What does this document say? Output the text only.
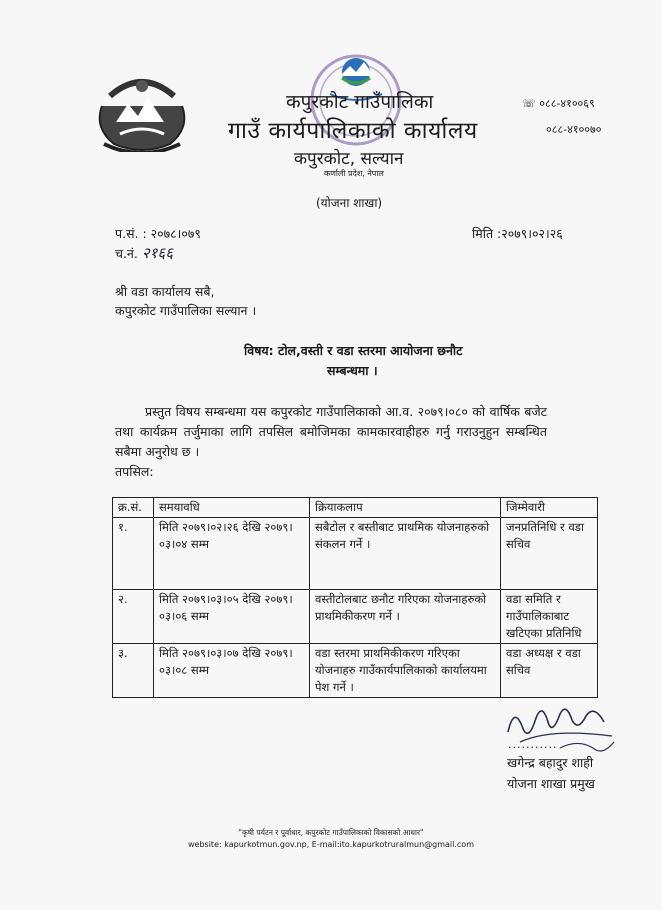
कपुरकोट गाउँपालिका
गाउँ कार्यपालिकाको कार्यालय
कपुरकोट, सल्यान
कर्णाली प्रदेश, नेपाल
☏ ०८८-४१००६९
०८८-४१००७०
(योजना शाखा)
प.सं. : २०७८।०७९	मिति :२०७९।०२।२६
च.नं. २१६६
श्री वडा कार्यालय सबै,
कपुरकोट गाउँपालिका सल्यान ।
विषय: टोल,वस्ती र वडा स्तरमा आयोजना छनौट
सम्बन्धमा ।
प्रस्तुत विषय सम्बन्धमा यस कपुरकोट गाउँपालिकाको आ.व. २०७९।०८० को वार्षिक बजेट तथा कार्यक्रम तर्जुमाका लागि तपसिल बमोजिमका कामकारवाहीहरु गर्नु गराउनुहुन सम्बन्धित सबैमा अनुरोध छ ।
तपसिल:
क्र.सं.	समयावधि	क्रियाकलाप	जिम्मेवारी
१.	मिति २०७९।०२।२६ देखि २०७९।०३।०४ सम्म	सबैटोल र बस्तीबाट प्राथमिक योजनाहरुको संकलन गर्ने ।	जनप्रतिनिधि र वडा सचिव
२.	मिति २०७९।०३।०५ देखि २०७९।०३।०६ सम्म	वस्तीटोलबाट छनौट गरिएका योजनाहरुको प्राथमिकीकरण गर्ने ।	वडा समिति र गाउँपालिकाबाट खटिएका प्रतिनिधि
३.	मिति २०७९।०३।०७ देखि २०७९।०३।०८ सम्म	वडा स्तरमा प्राथमिकीकरण गरिएका योजनाहरु गाउँकार्यपालिकाको कार्यालयमा पेश गर्ने ।	वडा अध्यक्ष र वडा सचिव
...........
खगेन्द्र बहादुर शाही
योजना शाखा प्रमुख
"कृषी पर्यटन र पूर्वाधार, कपुरकोट गाउँपालिकाको विकासको आधार"
website: kapurkotmun.gov.np, E-mail:ito.kapurkotruralmun@gmail.com
